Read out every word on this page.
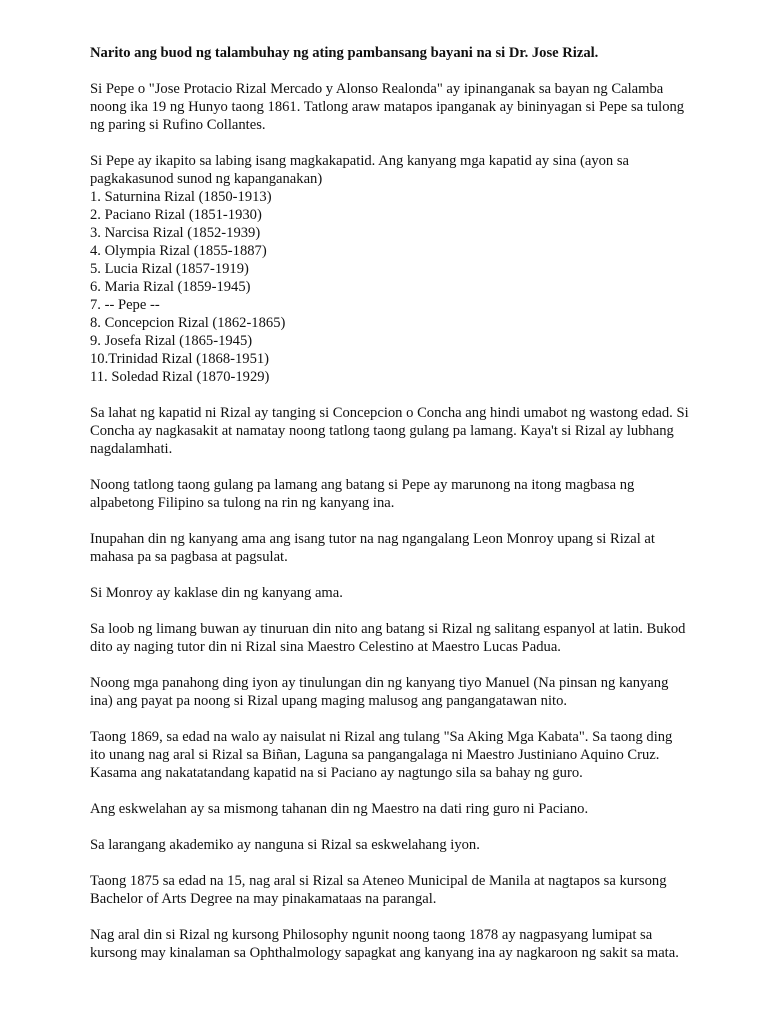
Narito ang buod ng talambuhay ng ating pambansang bayani na si Dr. Jose Rizal.

Si Pepe o "Jose Protacio Rizal Mercado y Alonso Realonda" ay ipinanganak sa bayan ng Calamba noong ika 19 ng Hunyo taong 1861. Tatlong araw matapos ipanganak ay bininyagan si Pepe sa tulong ng paring si Rufino Collantes.

Si Pepe ay ikapito sa labing isang magkakapatid. Ang kanyang mga kapatid ay sina (ayon sa pagkakasunod sunod ng kapanganakan)
1. Saturnina Rizal (1850-1913)
2. Paciano Rizal (1851-1930)
3. Narcisa Rizal (1852-1939)
4. Olympia Rizal (1855-1887)
5. Lucia Rizal (1857-1919)
6. Maria Rizal (1859-1945)
7. -- Pepe --
8. Concepcion Rizal (1862-1865)
9. Josefa Rizal (1865-1945)
10.Trinidad Rizal (1868-1951)
11. Soledad Rizal (1870-1929)

Sa lahat ng kapatid ni Rizal ay tanging si Concepcion o Concha ang hindi umabot ng wastong edad. Si Concha ay nagkasakit at namatay noong tatlong taong gulang pa lamang. Kaya't si Rizal ay lubhang nagdalamhati.

Noong tatlong taong gulang pa lamang ang batang si Pepe ay marunong na itong magbasa ng alpabetong Filipino sa tulong na rin ng kanyang ina.

Inupahan din ng kanyang ama ang isang tutor na nag ngangalang Leon Monroy upang si Rizal at mahasa pa sa pagbasa at pagsulat.

Si Monroy ay kaklase din ng kanyang ama.

Sa loob ng limang buwan ay tinuruan din nito ang batang si Rizal ng salitang espanyol at latin. Bukod dito ay naging tutor din ni Rizal sina Maestro Celestino at Maestro Lucas Padua.

Noong mga panahong ding iyon ay tinulungan din ng kanyang tiyo Manuel (Na pinsan ng kanyang ina) ang payat pa noong si Rizal upang maging malusog ang pangangatawan nito.

Taong 1869, sa edad na walo ay naisulat ni Rizal ang tulang "Sa Aking Mga Kabata". Sa taong ding ito unang nag aral si Rizal sa Biñan, Laguna sa pangangalaga ni Maestro Justiniano Aquino Cruz. Kasama ang nakatatandang kapatid na si Paciano ay nagtungo sila sa bahay ng guro.

Ang eskwelahan ay sa mismong tahanan din ng Maestro na dati ring guro ni Paciano.

Sa larangang akademiko ay nanguna si Rizal sa eskwelahang iyon.

Taong 1875 sa edad na 15, nag aral si Rizal sa Ateneo Municipal de Manila at nagtapos sa kursong Bachelor of Arts Degree na may pinakamataas na parangal.

Nag aral din si Rizal ng kursong Philosophy ngunit noong taong 1878 ay nagpasyang lumipat sa kursong may kinalaman sa Ophthalmology sapagkat ang kanyang ina ay nagkaroon ng sakit sa mata.
